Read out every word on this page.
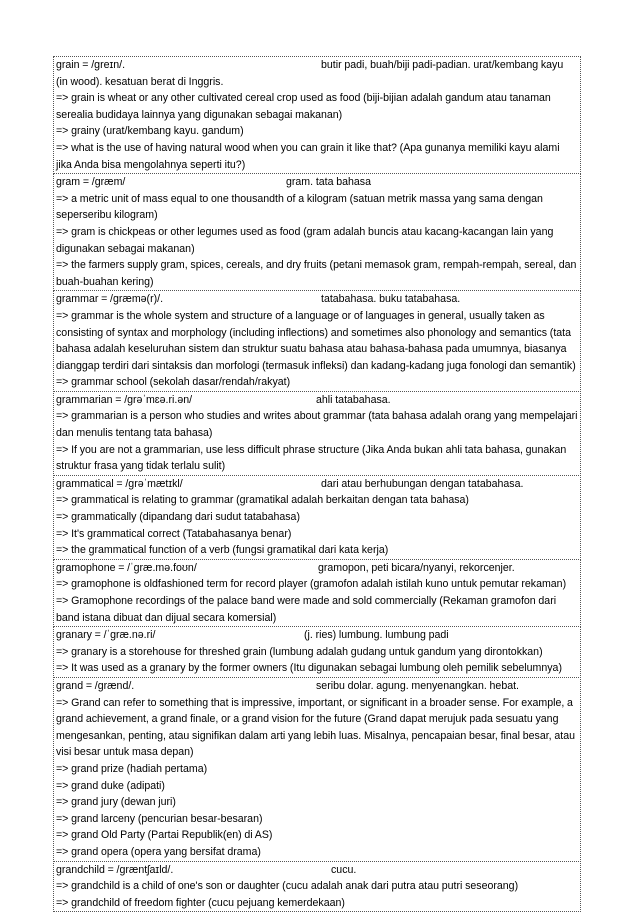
grain = /greɪn/.	butir padi, buah/biji padi-padian. urat/kembang kayu
(in wood). kesatuan berat di Inggris.
=> grain is wheat or any other cultivated cereal crop used as food (biji-bijian adalah gandum atau tanaman serealia budidaya lainnya yang digunakan sebagai makanan)
=> grainy (urat/kembang kayu. gandum)
=> what is the use of having natural wood when you can grain it like that? (Apa gunanya memiliki kayu alami jika Anda bisa mengolahnya seperti itu?)
gram = /græm/	gram. tata bahasa
=> a metric unit of mass equal to one thousandth of a kilogram (satuan metrik massa yang sama dengan seperseribu kilogram)
=> gram is chickpeas or other legumes used as food (gram adalah buncis atau kacang-kacangan lain yang digunakan sebagai makanan)
=> the farmers supply gram, spices, cereals, and dry fruits (petani memasok gram, rempah-rempah, sereal, dan buah-buahan kering)
grammar = /græmə(r)/.	tatabahasa. buku tatabahasa.
=> grammar is the whole system and structure of a language or of languages in general, usually taken as consisting of syntax and morphology (including inflections) and sometimes also phonology and semantics (tata bahasa adalah keseluruhan sistem dan struktur suatu bahasa atau bahasa-bahasa pada umumnya, biasanya dianggap terdiri dari sintaksis dan morfologi (termasuk infleksi) dan kadang-kadang juga fonologi dan semantik)
=> grammar school (sekolah dasar/rendah/rakyat)
grammarian = /grəˈmɛə.ri.ən/	ahli tatabahasa.
=> grammarian is a person who studies and writes about grammar (tata bahasa adalah orang yang mempelajari dan menulis tentang tata bahasa)
=> If you are not a grammarian, use less difficult phrase structure (Jika Anda bukan ahli tata bahasa, gunakan struktur frasa yang tidak terlalu sulit)
grammatical = /grəˈmætɪkl/	dari atau berhubungan dengan tatabahasa.
=> grammatical is relating to grammar (gramatikal adalah berkaitan dengan tata bahasa)
=> grammatically (dipandang dari sudut tatabahasa)
=> It's grammatical correct (Tatabahasanya benar)
=> the grammatical function of a verb (fungsi gramatikal dari kata kerja)
gramophone = /ˈgræ.mə.foʊn/	gramopon, peti bicara/nyanyi, rekorcenjer.
=> gramophone is oldfashioned term for record player (gramofon adalah istilah kuno untuk pemutar rekaman)
=> Gramophone recordings of the palace band were made and sold commercially (Rekaman gramofon dari band istana dibuat dan dijual secara komersial)
granary = /ˈgræ.nə.ri/	(j. ries) lumbung. lumbung padi
=> granary is a storehouse for threshed grain (lumbung adalah gudang untuk gandum yang dirontokkan)
=> It was used as a granary by the former owners (Itu digunakan sebagai lumbung oleh pemilik sebelumnya)
grand = /grænd/.	seribu dolar. agung. menyenangkan. hebat.
=> Grand can refer to something that is impressive, important, or significant in a broader sense. For example, a grand achievement, a grand finale, or a grand vision for the future (Grand dapat merujuk pada sesuatu yang mengesankan, penting, atau signifikan dalam arti yang lebih luas. Misalnya, pencapaian besar, final besar, atau visi besar untuk masa depan)
=> grand prize (hadiah pertama)
=> grand duke (adipati)
=> grand jury (dewan juri)
=> grand larceny (pencurian besar-besaran)
=> grand Old Party (Partai Republik(en) di AS)
=> grand opera (opera yang bersifat drama)
grandchild = /græntʃaɪld/.	cucu.
=> grandchild is a child of one's son or daughter (cucu adalah anak dari putra atau putri seseorang)
=> grandchild of freedom fighter (cucu pejuang kemerdekaan)
